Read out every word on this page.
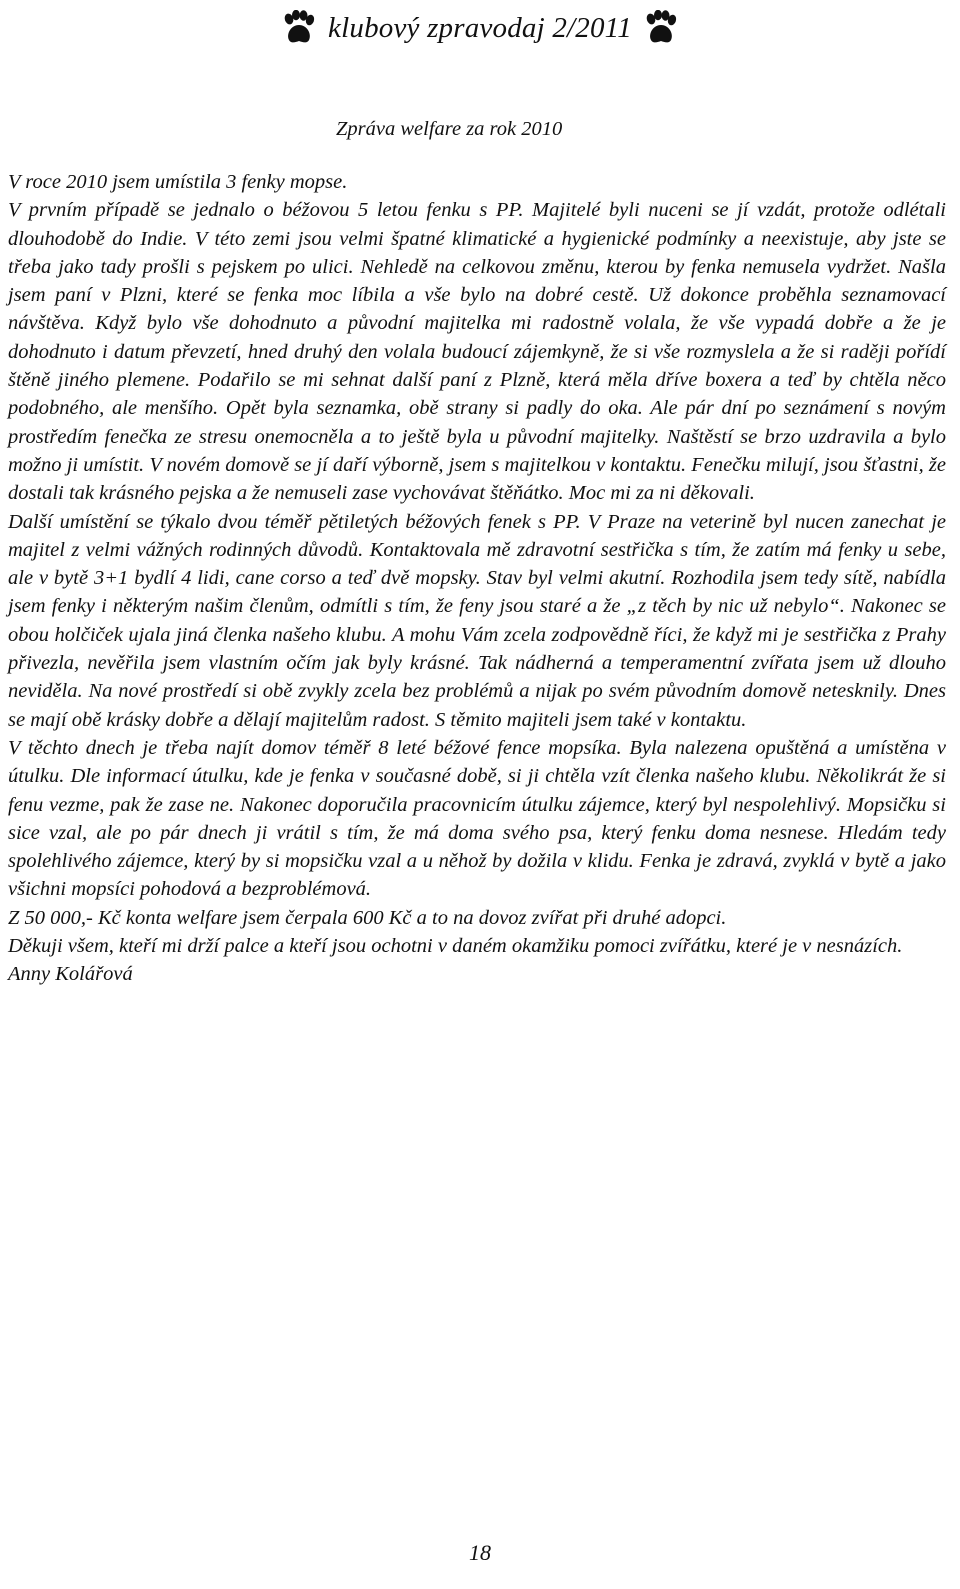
klubový zpravodaj 2/2011
Zpráva welfare za rok 2010

V roce 2010 jsem umístila 3 fenky mopse.

V prvním případě se jednalo o béžovou 5 letou fenku s PP. Majitelé byli nuceni se jí vzdát, protože odlétali dlouhodobě do Indie. V této zemi jsou velmi špatné klimatické a hygienické podmínky a neexistuje, aby jste se třeba jako tady prošli s pejskem po ulici. Nehledě na celkovou změnu, kterou by fenka nemusela vydržet. Našla jsem paní v Plzni, které se fenka moc líbila a vše bylo na dobré cestě. Už dokonce proběhla seznamovací návštěva. Když bylo vše dohodnuto a původní majitelka mi radostně volala, že vše vypadá dobře a že je dohodnuto i datum převzetí, hned druhý den volala budoucí zájemkyně, že si vše rozmyslela a že si raději pořídí štěně jiného plemene. Podařilo se mi sehnat další paní z Plzně, která měla dříve boxera a teď by chtěla něco podobného, ale menšího. Opět byla seznamka, obě strany si padly do oka. Ale pár dní po seznámení s novým prostředím fenečka ze stresu onemocněla a to ještě byla u původní majitelky. Naštěstí se brzo uzdravila a bylo možno ji umístit. V novém domově se jí daří výborně, jsem s majitelkou v kontaktu. Fenečku milují, jsou šťastni, že dostali tak krásného pejska a že nemuseli zase vychovávat štěňátko. Moc mi za ni děkovali.

Další umístění se týkalo dvou téměř pětiletých béžových fenek s PP. V Praze na veterině byl nucen zanechat je majitel z velmi vážných rodinných důvodů. Kontaktovala mě zdravotní sestřička s tím, že zatím má fenky u sebe, ale v bytě 3+1 bydlí 4 lidi, cane corso a teď dvě mopsky. Stav byl velmi akutní. Rozhodila jsem tedy sítě, nabídla jsem fenky i některým našim členům, odmítli s tím, že feny jsou staré a že „z těch by nic už nebylo“. Nakonec se obou holčiček ujala jiná členka našeho klubu. A mohu Vám zcela zodpovědně říci, že když mi je sestřička z Prahy přivezla, nevěřila jsem vlastním očím jak byly krásné. Tak nádherná a temperamentní zvířata jsem už dlouho neviděla. Na nové prostředí si obě zvykly zcela bez problémů a nijak po svém původním domově netesknily. Dnes se mají obě krásky dobře a dělají majitelům radost. S těmito majiteli jsem také v kontaktu.

V těchto dnech je třeba najít domov téměř 8 leté béžové fence mopsíka. Byla nalezena opuštěná a umístěna v útulku. Dle informací útulku, kde je fenka v současné době, si ji chtěla vzít členka našeho klubu. Několikrát že si fenu vezme, pak že zase ne. Nakonec doporučila pracovnicím útulku zájemce, který byl nespolehlivý. Mopsičku si sice vzal, ale po pár dnech ji vrátil s tím, že má doma svého psa, který fenku doma nesnese. Hledám tedy spolehlivého zájemce, který by si mopsičku vzal a u něhož by dožila v klidu. Fenka je zdravá, zvyklá v bytě a jako všichni mopsíci pohodová a bezproblémová.

Z 50 000,- Kč konta welfare jsem čerpala 600 Kč a to na dovoz zvířat při druhé adopci.

Děkuji všem, kteří mi drží palce a kteří jsou ochotni v daném okamžiku pomoci zvířátku, které je v nesnázích.

Anny Kolářová

18
